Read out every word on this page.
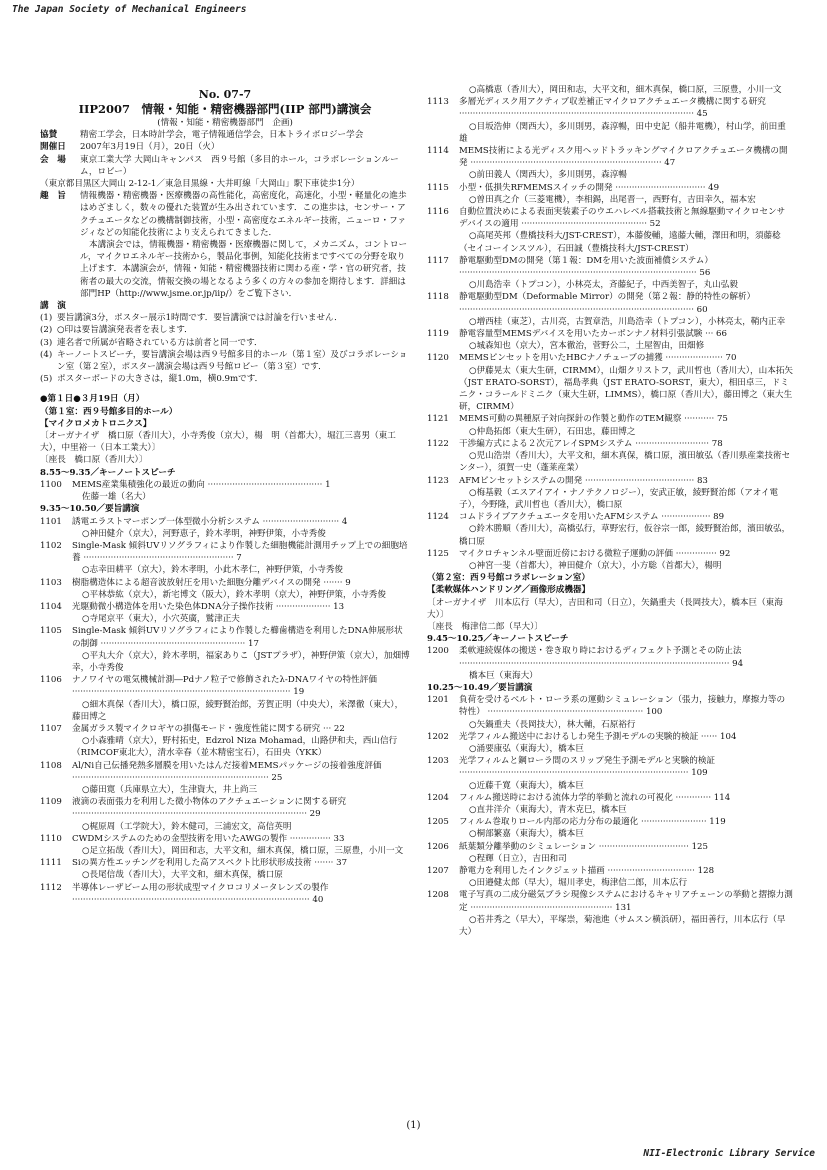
The Japan Society of Mechanical Engineers
No. 07-7
IIP2007　情報・知能・精密機器部門(IIP 部門)講演会
(情報・知能・精密機器部門　企画)
協賛	精密工学会，日本時計学会，電子情報通信学会，日本トライボロジー学会
開催日	2007年3月19日（月），20日（火）
会　場	東京工業大学 大岡山キャンパス　西９号館（多目的ホール，コラボレーションルーム，ロビー）
（東京都目黒区大岡山 2-12-1／東急目黒線・大井町線「大岡山」駅下車徒歩1分）
趣　旨	情報機器・精密機器・医療機器の高性能化，高密度化，高速化，小型・軽量化の進歩はめざましく，数々の優れた装置が生み出されています．この進歩は，センサー・アクチュエータなどの機構制御技術，小型・高密度なエネルギー技術，ニューロ・ファジィなどの知能化技術により支えられてきました．
本講演会では，情報機器・精密機器・医療機器に関して，メカニズム，コントロール，マイクロエネルギー技術から，製品化事例，知能化技術まですべての分野を取り上げます．本講演会が，情報・知能・精密機器技術に関わる産・学・官の研究者，技術者の最大の交流，情報交換の場となるよう多くの方々の参加を期待します．詳細は部門HP（http://www.jsme.or.jp/iip/）をご覧下さい．
講　演
(1) 要旨講演3分，ポスター展示1時間です．要旨講演では討論を行いません．
(2) ○印は要旨講演発表者を表します．
(3) 連名者で所属が省略されている方は前者と同一です．
(4) キーノートスピーチ，要旨講演会場は西９号館多目的ホール（第１室）及びコラボレーション室（第２室），ポスター講演会場は西９号館ロビー（第３室）です．
(5) ポスターボードの大きさは，縦1.0m，横0.9mです．
●第１日●３月19日（月）
（第１室：西９号館多目的ホール）
【マイクロメカトロニクス】
〔オーガナイザ　橋口原（香川大），小寺秀俊（京大），楊　明（首都大），堀江三喜男（東工大），中里裕一（日本工業大）〕
〔座長　橋口原（香川大）〕
8.55～9.35／キーノートスピーチ
1100	MEMS産業集積強化の最近の動向 ·········································· 1
佐藤一雄（名大）
9.35～10.50／要旨講演
1101	誘電エラストマーポンプ一体型微小分析システム ···························· 4
○神田健介（京大），河野恵子，鈴木孝明，神野伊策，小寺秀俊
1102	Single-Mask 傾斜UVリソグラフィにより作製した細胞機能計測用チップ上での細胞培養 ······················································· 7
○志幸田耕平（京大），鈴木孝明，小此木孝仁，神野伊策，小寺秀俊
1103	樹脂構造体による超音波放射圧を用いた細胞分離デバイスの開発 ······· 9
○平林恭紘（京大），新宅博文（阪大），鈴木孝明（京大），神野伊策，小寺秀俊
1104	光駆動微小構造体を用いた染色体DNA分子操作技術 ···················· 13
○寺尾京平（東大），小穴英廣，鷲津正夫
1105	Single-Mask 傾斜UVリソグラフィにより作製した櫛歯構造を利用したDNA伸展形状の制御 ····················································· 17
○平丸大介（京大），鈴木孝明，福家ありこ（JSTプラザ），神野伊策（京大），加畑博幸，小寺秀俊
1106	ナノワイヤの電気機械計測―Pdナノ粒子で修飾されたλ-DNAワイヤの特性評価 ················································································ 19
○細木真保（香川大），橋口原，綾野賢治郎，芳賀正明（中央大），米澤徹（東大），藤田博之
1107	金属ガラス製マイクロギヤの損傷モード・強度性能に関する研究 ··· 22
○小森雅晴（京大），野村拓史，Edzrol Niza Mohamad，山路伊和夫，西山信行（RIMCOF東北大），清水幸春（並木精密宝石），石田央（YKK）
1108	Al/Ni自己伝播発熱多層膜を用いたはんだ接着MEMSパッケージの接着強度評価 ········································································ 25
○藤田寛（兵庫県立大），生津資大，井上尚三
1109	液滴の表面張力を利用した微小物体のアクチュエーションに関する研究 ······················································································ 29
○梶原周（工学院大），鈴木健司，三浦宏文，高信英明
1110	CWDMシステムのための金型技術を用いたAWGの製作 ··············· 33
○足立拓哉（香川大），岡田和志，大平文和，細木真保，橋口原，三原豊，小川一文
1111	Siの異方性エッチングを利用した高アスペクト比形状形成技術 ······· 37
○長尾信哉（香川大），大平文和，細木真保，橋口原
1112	半導体レーザビーム用の形状成型マイクロコリメータレンズの製作 ······················································································· 40
○高橋恵（香川大），岡田和志，大平文和，細木真保，橋口原，三原豊，小川一文
1113	多層光ディスク用アクティブ収差補正マイクロアクチュエータ機構に関する研究 ······················································································ 45
○目坂浩伸（関西大），多川則男，森淳暢，田中史記（船井電機），村山学，前田重雄
1114	MEMS技術による光ディスク用ヘッドトラッキングマイクロアクチュエータ機構の開発 ······································································ 47
○前田義人（関西大），多川則男，森淳暢
1115	小型・低損失RFMEMSスイッチの開発 ································· 49
○曽田真之介（三菱電機），李相錫，出尾晋一，西野有，吉田幸久，福本宏
1116	自動位置決めによる表面実装素子のウエハレベル搭載技術と無線駆動マイクロセンサデバイスの適用 ·············································· 52
○高尾英邦（豊橋技科大/JST-CREST），本藤俊輔，遠藤大輔，澤田和明，須藤稔（セイコーインスツル），石田誠（豊橋技科大/JST-CREST）
1117	静電駆動型DMの開発（第１報：DMを用いた波面補償システム） ······················································································· 56
○川島浩幸（トプコン），小林亮太，斉藤紀子，中西美智子，丸山弘毅
1118	静電駆動型DM（Deformable Mirror）の開発（第２報：静的特性の解析） ······················································································ 60
○増西桂（東芝），古川亮，古賀章浩，川島浩幸（トプコン），小林亮太，鞘内正幸
1119	静電容量型MEMSデバイスを用いたカーボンナノ材料引張試験 ··· 66
○城森知也（京大），宮本徹治，菅野公二，土屋智由，田畑修
1120	MEMSピンセットを用いたHBCナノチューブの捕獲 ····················· 70
○伊藤晃太（東大生研，CIRMM），山畑クリストフ，武川哲也（香川大），山本拓矢（JST ERATO-SORST），福島孝典（JST ERATO-SORST，東大），相田卓三，ドミニク・コラールドミニク（東大生研，LIMMS），橋口原（香川大），藤田博之（東大生研，CIRMM）
1121	MEMS可動の異種原子対向探針の作製と動作のTEM観察 ··········· 75
○仲島拓郎（東大生研），石田忠，藤田博之
1122	干渉編方式による２次元アレイSPMシステム ··························· 78
○児山浩崇（香川大），大平文和，細木真保，橋口原，濱田敏弘（香川県産業技術センター），須賀一史（蓬莱産業）
1123	AFMピンセットシステムの開発 ········································ 83
○梅基毅（エスアイアイ・ナノテクノロジー），安武正敏，綾野賢治郎（アオイ電子），今野隆，武川哲也（香川大），橋口原
1124	コムドライブアクチュエータを用いたAFMシステム ·················· 89
○鈴木勝順（香川大），高橋弘行，草野宏行，仮谷宗一郎，綾野賢治郎，濱田敏弘，橋口原
1125	マイクロチャンネル壁面近傍における微粒子運動の評価 ··············· 92
○神宮一斐（首都大），神田健介（京大），小方聡（首都大），楊明
（第２室：西９号館コラボレーション室）
【柔軟媒体ハンドリング／画像形成機器】
〔オーガナイザ　川本広行（早大），吉田和司（日立），矢鍋重夫（長岡技大），橋本巨（東海大）〕
〔座長　梅津信二郎（早大）〕
9.45～10.25／キーノートスピーチ
1200	柔軟連続媒体の搬送・巻き取り時におけるディフェクト予測とその防止法 ··································································································· 94
橋本巨（東海大）
10.25～10.49／要旨講演
1201	負荷を受けるベルト・ローラ系の運動シミュレーション（張力，接触力，摩擦力等の特性） ························································· 100
○矢鍋重夫（長岡技大），林大輔，石原裕行
1202	光学フィルム搬送中におけるしわ発生予測モデルの実験的検証 ······ 104
○涌要康弘（東海大），橋本巨
1203	光学フィルムと鋼ローラ間のスリップ発生予測モデルと実験的検証 ···················································································· 109
○近藤千寛（東海大），橋本巨
1204	フィルム搬送時における流体力学的挙動と流れの可視化 ············· 114
○直井洋介（東海大），青木克巳，橋本巨
1205	フィルム巻取りロール内部の応力分布の最適化 ························ 119
○桐部繁嘉（東海大），橋本巨
1206	紙葉類分離挙動のシミュレーション ································· 125
○程輝（日立），吉田和司
1207	静電力を利用したインクジェット描画 ································ 128
○田邉健太郎（早大），堀川孝史，梅津信二郎，川本広行
1208	電子写真の二成分磁気ブラシ現像システムにおけるキャリアチェーンの挙動と摺擦力測定 ···················································· 131
○若井秀之（早大），平塚崇，菊池進（サムスン横浜研），福田善行，川本広行（早大）
(1)
NII-Electronic Library Service
